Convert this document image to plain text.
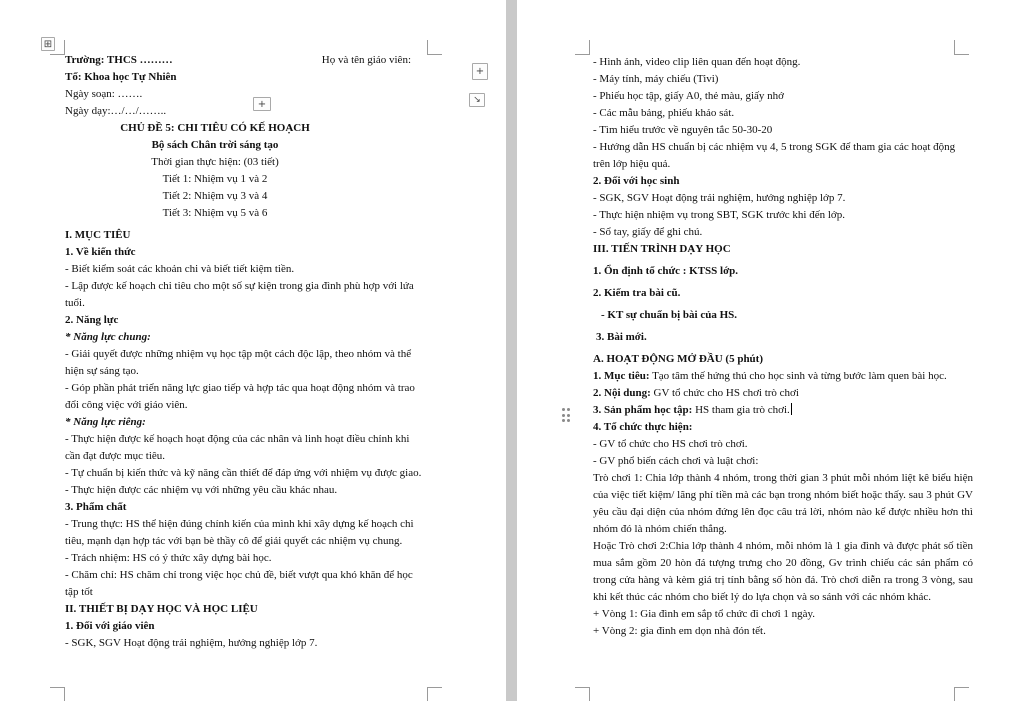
⊞
+
Trường: THCS ………	Họ và tên giáo viên:
Tổ: Khoa học Tự Nhiên
Ngày soạn: …….
Ngày dạy:…/…/……..
CHỦ ĐỀ 5: CHI TIÊU CÓ KẾ HOẠCH
Bộ sách Chân trời sáng tạo
Thời gian thực hiện: (03 tiết)
Tiết 1: Nhiệm vụ 1 và 2
Tiết 2: Nhiệm vụ 3 và 4
Tiết 3: Nhiệm vụ 5 và 6
I. MỤC TIÊU
1. Về kiến thức
- Biết kiểm soát các khoản chi và biết tiết kiệm tiền.
- Lập được kế hoạch chi tiêu cho một số sự kiện trong gia đình phù hợp với lứa tuổi.
2. Năng lực
* Năng lực chung:
- Giải quyết được những nhiệm vụ học tập một cách độc lập, theo nhóm và thể hiện sự sáng tạo.
- Góp phần phát triển năng lực giao tiếp và hợp tác qua hoạt động nhóm và trao đổi công việc với giáo viên.
* Năng lực riêng:
- Thực hiện được kế hoạch hoạt động của các nhân và linh hoạt điều chỉnh khi cần đạt được mục tiêu.
- Tự chuẩn bị kiến thức và kỹ năng cần thiết để đáp ứng với nhiệm vụ được giao.
- Thực hiện được các nhiệm vụ với những yêu cầu khác nhau.
3. Phẩm chất
- Trung thực: HS thể hiện đúng chính kiến của mình khi xây dựng kế hoạch chi tiêu, mạnh dạn hợp tác với bạn bè thầy cô để giải quyết các nhiệm vụ chung.
- Trách nhiệm: HS có ý thức xây dựng bài học.
- Chăm chỉ: HS chăm chỉ trong việc học chủ đề, biết vượt qua khó khăn để học tập tốt
II. THIẾT BỊ DẠY HỌC VÀ HỌC LIỆU
1. Đối với giáo viên
- SGK, SGV Hoạt động trải nghiệm, hướng nghiệp lớp 7.
- Hình ảnh, video clip liên quan đến hoạt động.
- Máy tính, máy chiếu (Tivi)
- Phiếu học tập, giấy A0, thẻ màu, giấy nhớ
- Các mẫu bảng, phiếu khảo sát.
- Tìm hiểu trước về nguyên tắc 50-30-20
- Hướng dẫn HS chuẩn bị các nhiệm vụ 4, 5 trong SGK để tham gia các hoạt động trên lớp hiệu quả.
2. Đối với học sinh
- SGK, SGV Hoạt động trải nghiệm, hướng nghiệp lớp 7.
- Thực hiện nhiệm vụ trong SBT, SGK trước khi đến lớp.
- Sổ tay, giấy để ghi chú.
III. TIẾN TRÌNH DẠY HỌC
1. Ổn định tổ chức : KTSS lớp.
2. Kiểm tra bài cũ.
- KT sự chuẩn bị bài của HS.
3. Bài mới.
A. HOẠT ĐỘNG MỞ ĐẦU (5 phút)
1. Mục tiêu: Tạo tâm thế hứng thú cho học sinh và từng bước làm quen bài học.
2. Nội dung: GV tổ chức cho HS chơi trò chơi
3. Sản phẩm học tập: HS tham gia trò chơi.
4. Tổ chức thực hiện:
- GV tổ chức cho HS chơi trò chơi.
- GV phổ biến cách chơi và luật chơi:
Trò chơi 1: Chia lớp thành 4 nhóm, trong thời gian 3 phút mỗi nhóm liệt kê biểu hiện của việc tiết kiệm/ lãng phí tiền mà các bạn trong nhóm biết hoặc thấy. sau 3 phút GV yêu cầu đại diện của nhóm đứng lên đọc câu trả lời, nhóm nào kể được nhiều hơn thì nhóm đó là nhóm chiến thắng.
Hoặc Trò chơi 2:Chia lớp thành 4 nhóm, mỗi nhóm là 1 gia đình và được phát số tiền mua sắm gồm 20 hòn đá tượng trưng cho 20 đồng, Gv trình chiếu các sản phẩm có trong cửa hàng và kèm giá trị tính bằng số hòn đá. Trò chơi diễn ra trong 3 vòng, sau khi kết thúc các nhóm cho biết lý do lựa chọn và so sánh với các nhóm khác.
+ Vòng 1: Gia đình em sắp tổ chức đi chơi 1 ngày.
+ Vòng 2: gia đình em dọn nhà đón tết.
+
↘
